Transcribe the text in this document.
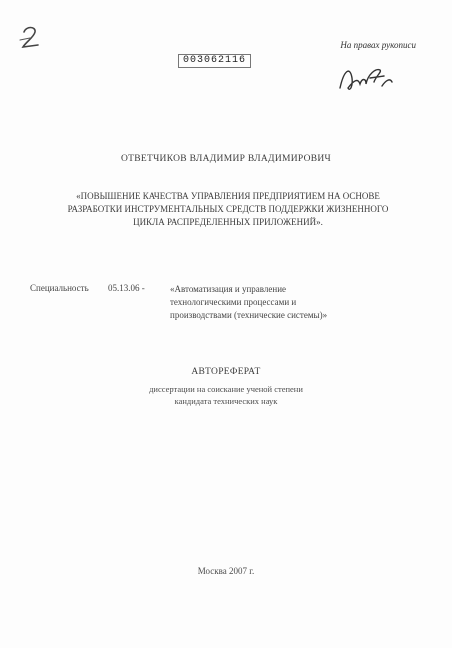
На правах рукописи
003062116
ОТВЕТЧИКОВ ВЛАДИМИР ВЛАДИМИРОВИЧ
«ПОВЫШЕНИЕ КАЧЕСТВА УПРАВЛЕНИЯ ПРЕДПРИЯТИЕМ НА ОСНОВЕ
РАЗРАБОТКИ ИНСТРУМЕНТАЛЬНЫХ СРЕДСТВ ПОДДЕРЖКИ ЖИЗНЕННОГО
ЦИКЛА РАСПРЕДЕЛЕННЫХ ПРИЛОЖЕНИЙ».
Специальность 05.13.06 -	«Автоматизация и управление
технологическими процессами и
производствами (технические системы)»
АВТОРЕФЕРАТ
диссертации на соискание ученой степени
кандидата технических наук
Москва 2007 г.
